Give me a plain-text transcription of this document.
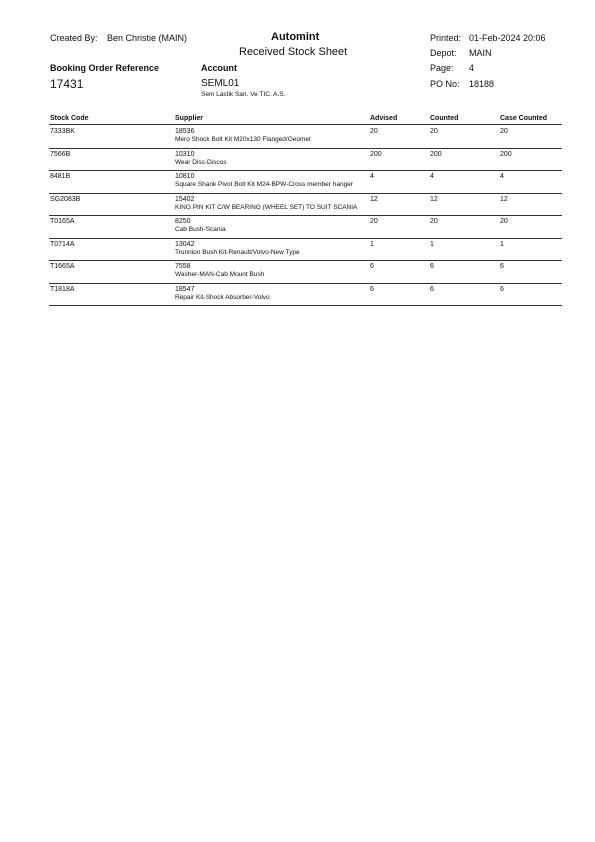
Created By: Ben Christie (MAIN)	Automint
Received Stock Sheet
Printed: 01-Feb-2024 20:06
Depot: MAIN
Page: 4
Booking Order Reference
17431
Account
SEML01
Sem Lastik San. Ve TIC. A.S.
PO No: 18188
Stock Code	Supplier	Advised	Counted	Case Counted
7333BK	18536
Mero Shock Bolt Kit M20x130 Flanged/Geomet
20	20	20
7566B	10310
Wear Disc-Discos
200	200	200
8481B	10810
Square Shank Pivot Bolt Kit M24-BPW-Cross member hanger
4	4	4
SG2083B	15402
KING PIN KIT C/W BEARING (WHEEL SET) TO SUIT SCANIA
12	12	12
T0165A	8250
Cab Bush-Scania
20	20	20
T0714A	13042
Trunnion Bush Kit-Renault/Volvo-New Type
1	1	1
T1665A	7558
Washer-MAN-Cab Mount Bush
6	6	6
T1818A	18547
Repair Kit-Shock Absorber-Volvo
6	6	6
